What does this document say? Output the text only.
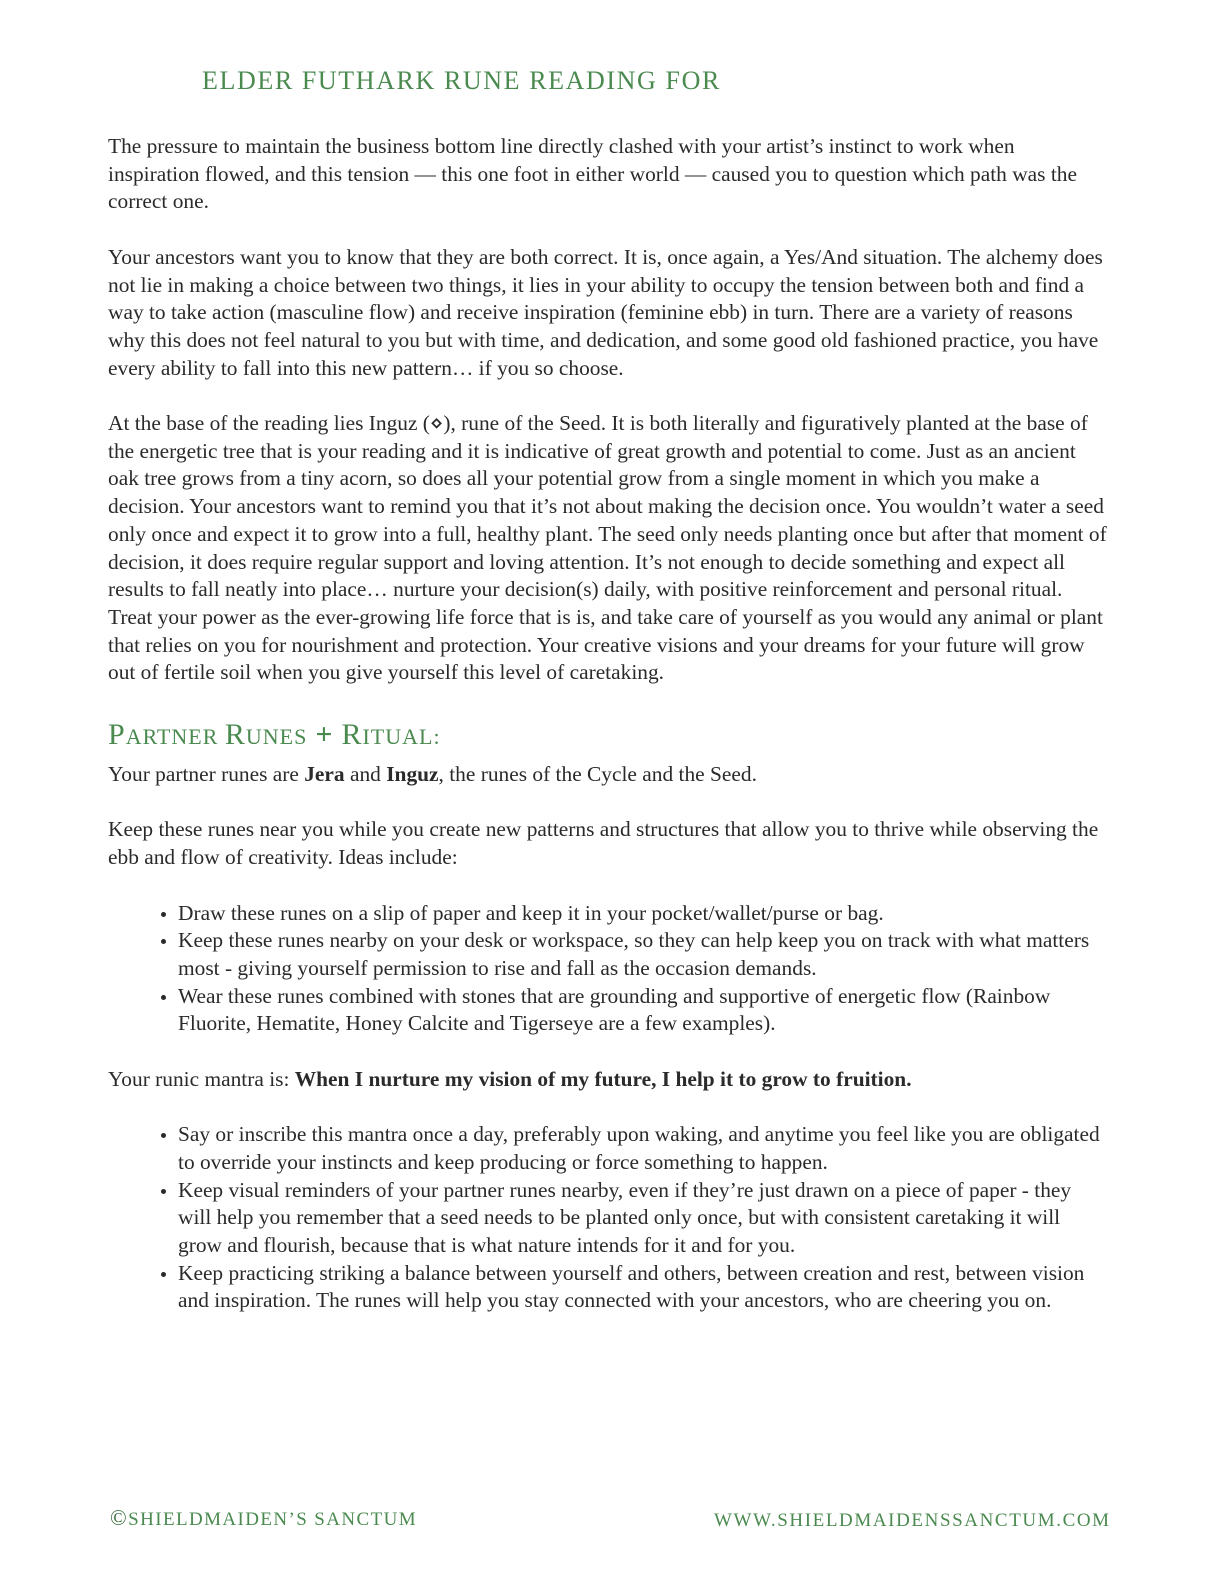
ELDER FUTHARK RUNE READING FOR

The pressure to maintain the business bottom line directly clashed with your artist’s instinct to work when inspiration flowed, and this tension — this one foot in either world — caused you to question which path was the correct one.

Your ancestors want you to know that they are both correct. It is, once again, a Yes/And situation. The alchemy does not lie in making a choice between two things, it lies in your ability to occupy the tension between both and find a way to take action (masculine flow) and receive inspiration (feminine ebb) in turn. There are a variety of reasons why this does not feel natural to you but with time, and dedication, and some good old fashioned practice, you have every ability to fall into this new pattern… if you so choose.

At the base of the reading lies Inguz (⋄), rune of the Seed. It is both literally and figuratively planted at the base of the energetic tree that is your reading and it is indicative of great growth and potential to come. Just as an ancient oak tree grows from a tiny acorn, so does all your potential grow from a single moment in which you make a decision. Your ancestors want to remind you that it’s not about making the decision once. You wouldn’t water a seed only once and expect it to grow into a full, healthy plant. The seed only needs planting once but after that moment of decision, it does require regular support and loving attention. It’s not enough to decide something and expect all results to fall neatly into place… nurture your decision(s) daily, with positive reinforcement and personal ritual. Treat your power as the ever-growing life force that is is, and take care of yourself as you would any animal or plant that relies on you for nourishment and protection. Your creative visions and your dreams for your future will grow out of fertile soil when you give yourself this level of caretaking.

PARTNER RUNES + RITUAL:

Your partner runes are Jera and Inguz, the runes of the Cycle and the Seed.

Keep these runes near you while you create new patterns and structures that allow you to thrive while observing the ebb and flow of creativity. Ideas include:

• Draw these runes on a slip of paper and keep it in your pocket/wallet/purse or bag.
• Keep these runes nearby on your desk or workspace, so they can help keep you on track with what matters most - giving yourself permission to rise and fall as the occasion demands.
• Wear these runes combined with stones that are grounding and supportive of energetic flow (Rainbow Fluorite, Hematite, Honey Calcite and Tigerseye are a few examples).

Your runic mantra is: When I nurture my vision of my future, I help it to grow to fruition.

• Say or inscribe this mantra once a day, preferably upon waking, and anytime you feel like you are obligated to override your instincts and keep producing or force something to happen.
• Keep visual reminders of your partner runes nearby, even if they’re just drawn on a piece of paper - they will help you remember that a seed needs to be planted only once, but with consistent caretaking it will grow and flourish, because that is what nature intends for it and for you.
• Keep practicing striking a balance between yourself and others, between creation and rest, between vision and inspiration. The runes will help you stay connected with your ancestors, who are cheering you on.
©SHIELDMAIDEN’S SANCTUM	WWW.SHIELDMAIDENSSANCTUM.COM
